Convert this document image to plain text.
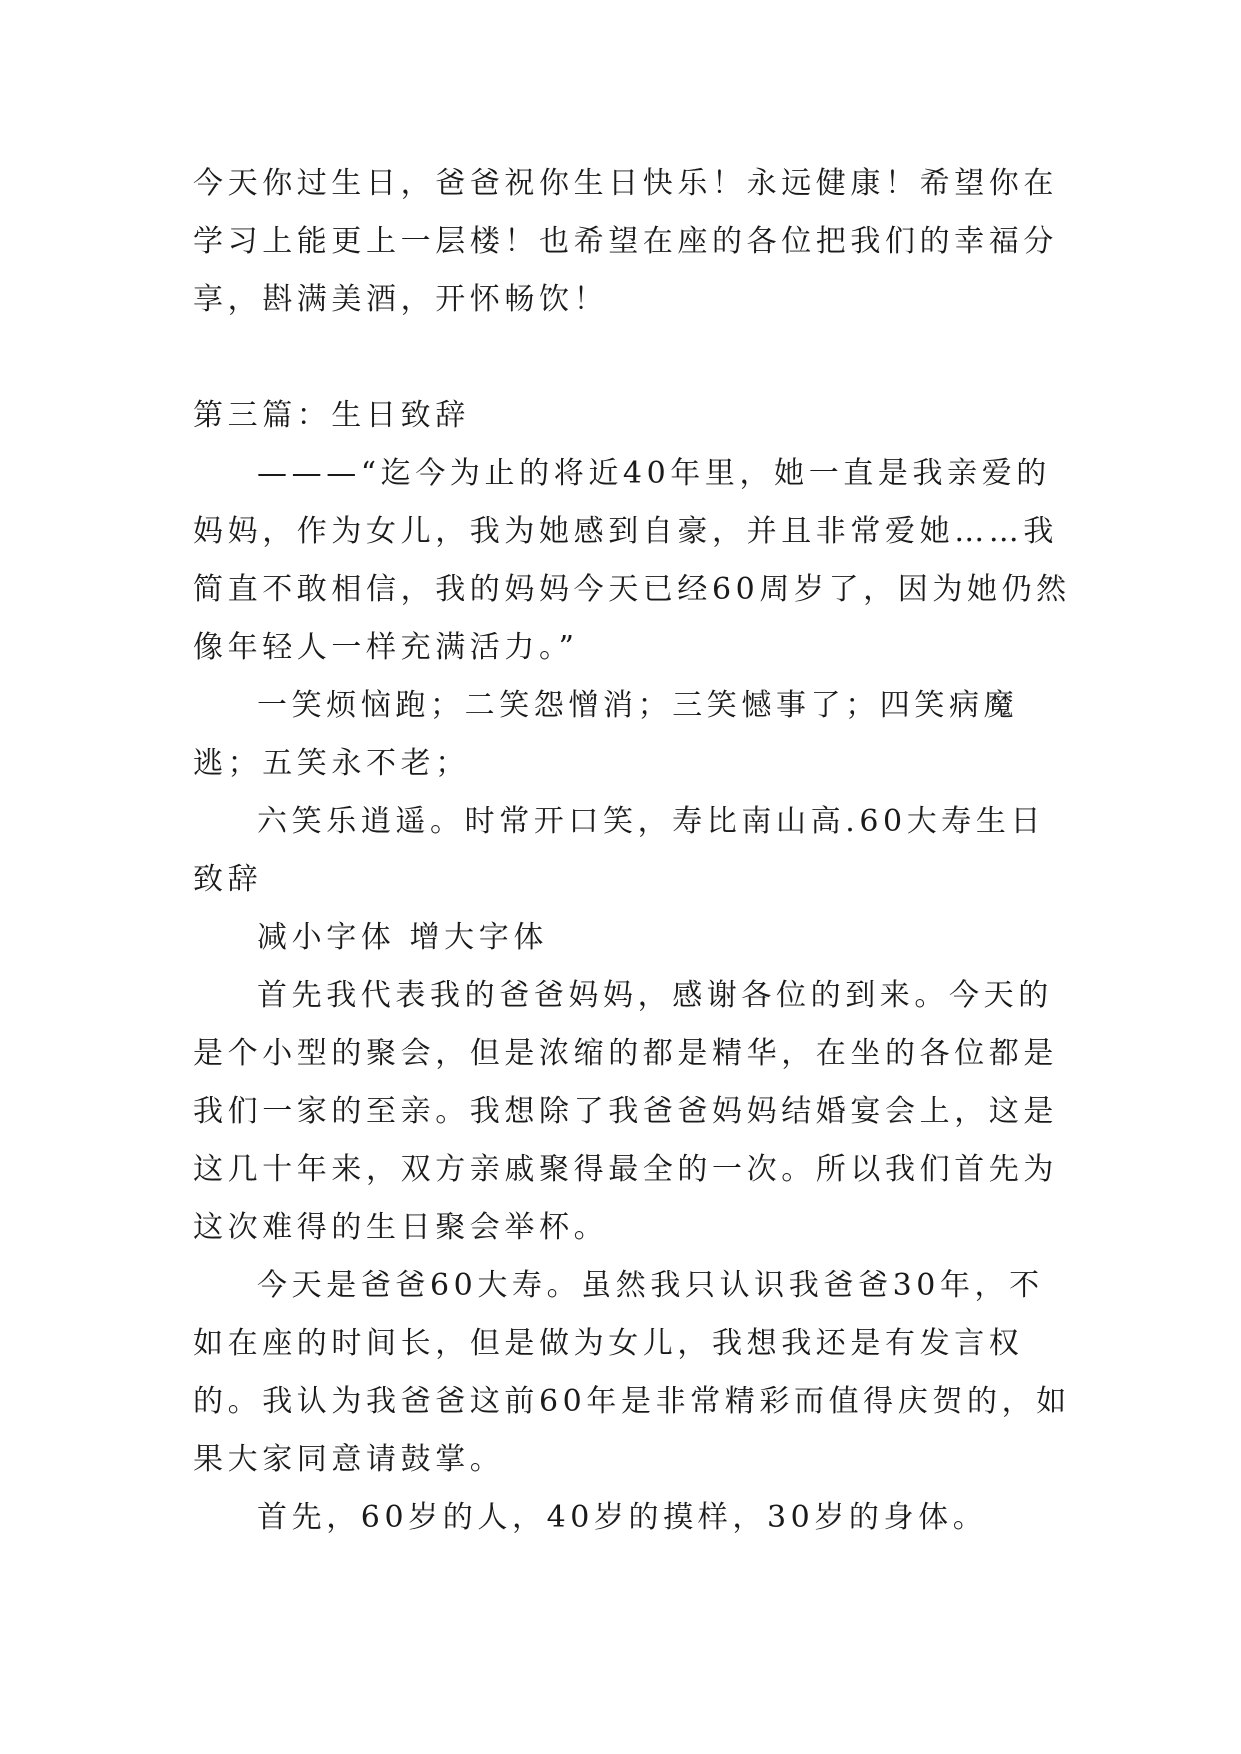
今天你过生日，爸爸祝你生日快乐！永远健康！希望你在学习上能更上一层楼！也希望在座的各位把我们的幸福分享，斟满美酒，开怀畅饮！

第三篇：生日致辞

———“迄今为止的将近40年里，她一直是我亲爱的妈妈，作为女儿，我为她感到自豪，并且非常爱她……我简直不敢相信，我的妈妈今天已经60周岁了，因为她仍然像年轻人一样充满活力。”

一笑烦恼跑；二笑怨憎消；三笑憾事了；四笑病魔逃；五笑永不老；

六笑乐逍遥。时常开口笑，寿比南山高.60大寿生日致辞

减小字体 增大字体

首先我代表我的爸爸妈妈，感谢各位的到来。今天的是个小型的聚会，但是浓缩的都是精华，在坐的各位都是我们一家的至亲。我想除了我爸爸妈妈结婚宴会上，这是这几十年来，双方亲戚聚得最全的一次。所以我们首先为这次难得的生日聚会举杯。

今天是爸爸60大寿。虽然我只认识我爸爸30年，不如在座的时间长，但是做为女儿，我想我还是有发言权的。我认为我爸爸这前60年是非常精彩而值得庆贺的，如果大家同意请鼓掌。

首先，60岁的人，40岁的摸样，30岁的身体。
